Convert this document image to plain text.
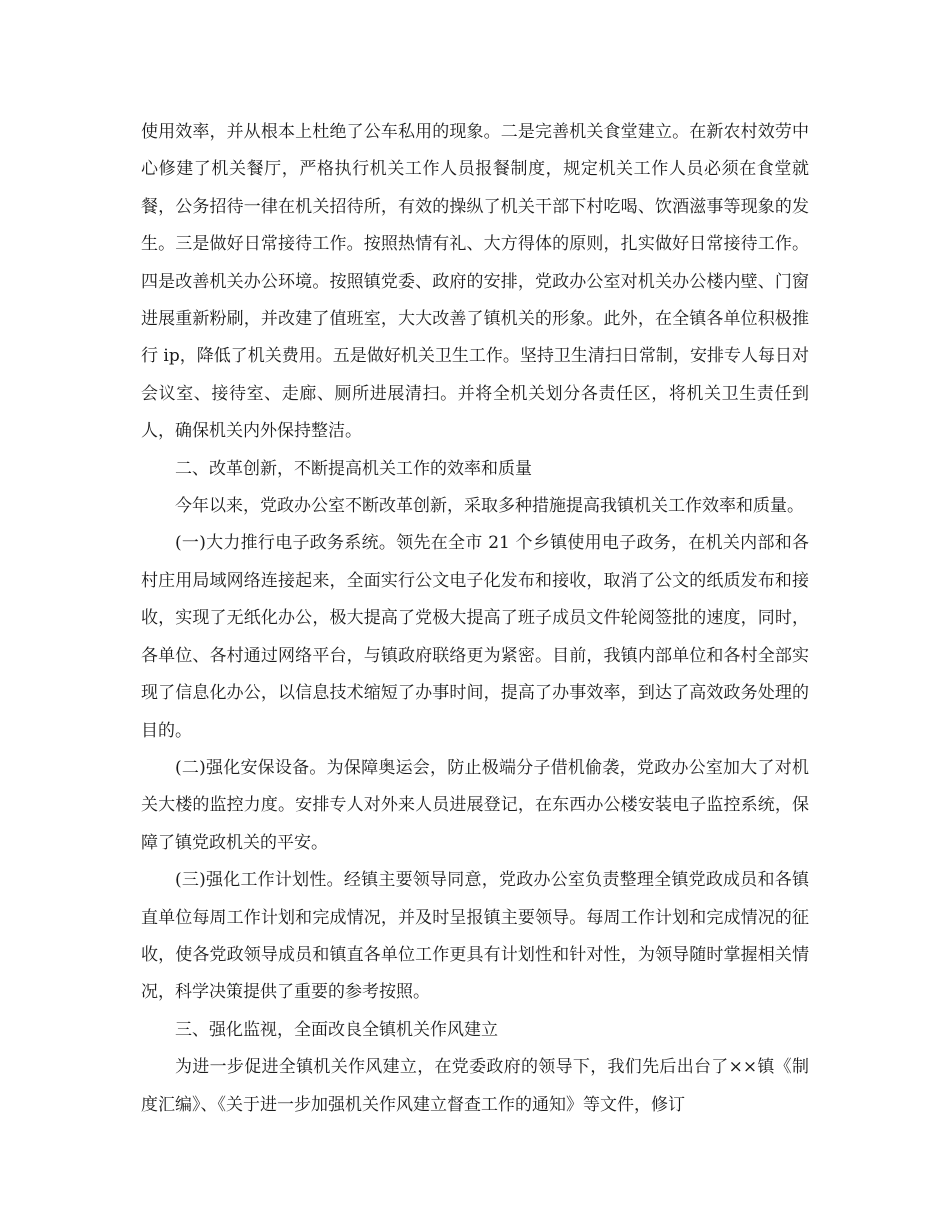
使用效率，并从根本上杜绝了公车私用的现象。二是完善机关食堂建立。在新农村效劳中心修建了机关餐厅，严格执行机关工作人员报餐制度，规定机关工作人员必须在食堂就餐，公务招待一律在机关招待所，有效的操纵了机关干部下村吃喝、饮酒滋事等现象的发生。三是做好日常接待工作。按照热情有礼、大方得体的原则，扎实做好日常接待工作。四是改善机关办公环境。按照镇党委、政府的安排，党政办公室对机关办公楼内壁、门窗进展重新粉刷，并改建了值班室，大大改善了镇机关的形象。此外，在全镇各单位积极推行 ip，降低了机关费用。五是做好机关卫生工作。坚持卫生清扫日常制，安排专人每日对会议室、接待室、走廊、厕所进展清扫。并将全机关划分各责任区，将机关卫生责任到人，确保机关内外保持整洁。

二、改革创新，不断提高机关工作的效率和质量

今年以来，党政办公室不断改革创新，采取多种措施提高我镇机关工作效率和质量。

(一)大力推行电子政务系统。领先在全市 21 个乡镇使用电子政务，在机关内部和各村庄用局域网络连接起来，全面实行公文电子化发布和接收，取消了公文的纸质发布和接收，实现了无纸化办公，极大提高了党极大提高了班子成员文件轮阅签批的速度，同时，各单位、各村通过网络平台，与镇政府联络更为紧密。目前，我镇内部单位和各村全部实现了信息化办公，以信息技术缩短了办事时间，提高了办事效率，到达了高效政务处理的目的。

(二)强化安保设备。为保障奥运会，防止极端分子借机偷袭，党政办公室加大了对机关大楼的监控力度。安排专人对外来人员进展登记，在东西办公楼安装电子监控系统，保障了镇党政机关的平安。

(三)强化工作计划性。经镇主要领导同意，党政办公室负责整理全镇党政成员和各镇直单位每周工作计划和完成情况，并及时呈报镇主要领导。每周工作计划和完成情况的征收，使各党政领导成员和镇直各单位工作更具有计划性和针对性，为领导随时掌握相关情况，科学决策提供了重要的参考按照。

三、强化监视，全面改良全镇机关作风建立

为进一步促进全镇机关作风建立，在党委政府的领导下，我们先后出台了××镇《制度汇编》、《关于进一步加强机关作风建立督查工作的通知》等文件，修订
